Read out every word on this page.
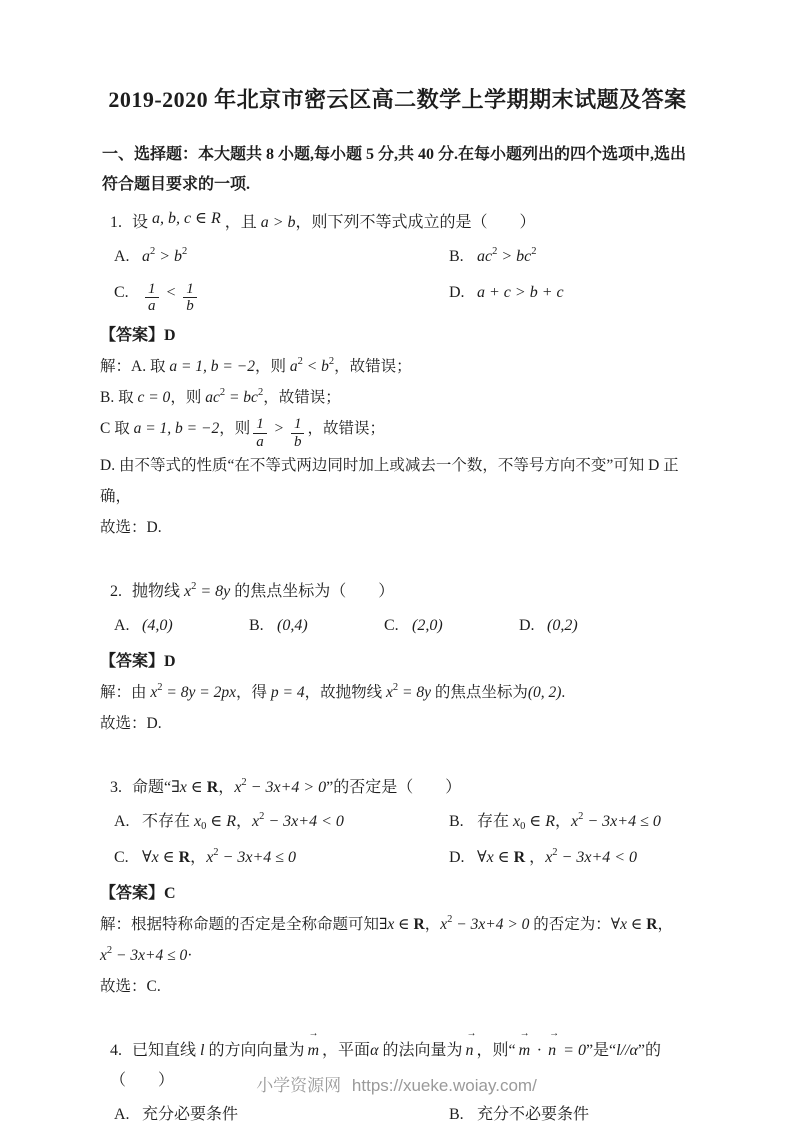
2019-2020 年北京市密云区高二数学上学期期末试题及答案

一、选择题：本大题共 8 小题,每小题 5 分,共 40 分.在每小题列出的四个选项中,选出符合题目要求的一项.

1. 设 a, b, c ∈ R ，且 a > b，则下列不等式成立的是（　　）

A. $a^2 > b^2$	B. $ac^2 > bc^2$
C. $\frac{1}{a} < \frac{1}{b}$	D. a + c > b + c

【答案】D

解：A. 取 a = 1, b = −2，则 $a^2 < b^2$，故错误；

B. 取 c = 0，则 $ac^2 = bc^2$，故错误；

C 取 a = 1, b = −2，则 $\frac{1}{a} > \frac{1}{b}$ ，故错误；

D. 由不等式的性质“在不等式两边同时加上或减去一个数，不等号方向不变”可知 D 正确，

故选：D.

2. 抛物线 $x^2 = 8y$ 的焦点坐标为（　　）

A. (4,0)	B. (0,4)	C. (2,0)	D. (0,2)

【答案】D

解：由 $x^2 = 8y = 2px$，得 p = 4，故抛物线 $x^2 = 8y$ 的焦点坐标为(0, 2).

故选：D.

3. 命题“∃x ∈ R，$x^2 - 3x+4 > 0$”的否定是（　　）

A. 不存在 x0 ∈ R，$x^2 - 3x+4 < 0$	B. 存在 x0 ∈ R，$x^2 - 3x+4 \le 0$
C. ∀x ∈ R，$x^2 - 3x+4 \le 0$	D. ∀x ∈ R ，$x^2 - 3x+4 < 0$

【答案】C

解：根据特称命题的否定是全称命题可知∃x ∈ R，$x^2 - 3x+4 > 0$ 的否定为：∀x ∈ R，

$x^2 - 3x+4 \le 0\cdot$

故选：C.

4. 已知直线 l 的方向向量为
→
m ，平面α 的法向量为
→
n ，则“
→
m ·
→
n = 0”是“l//α”的（　　）

A. 充分必要条件	B. 充分不必要条件
小学资源网 https://xueke.woiay.com/
